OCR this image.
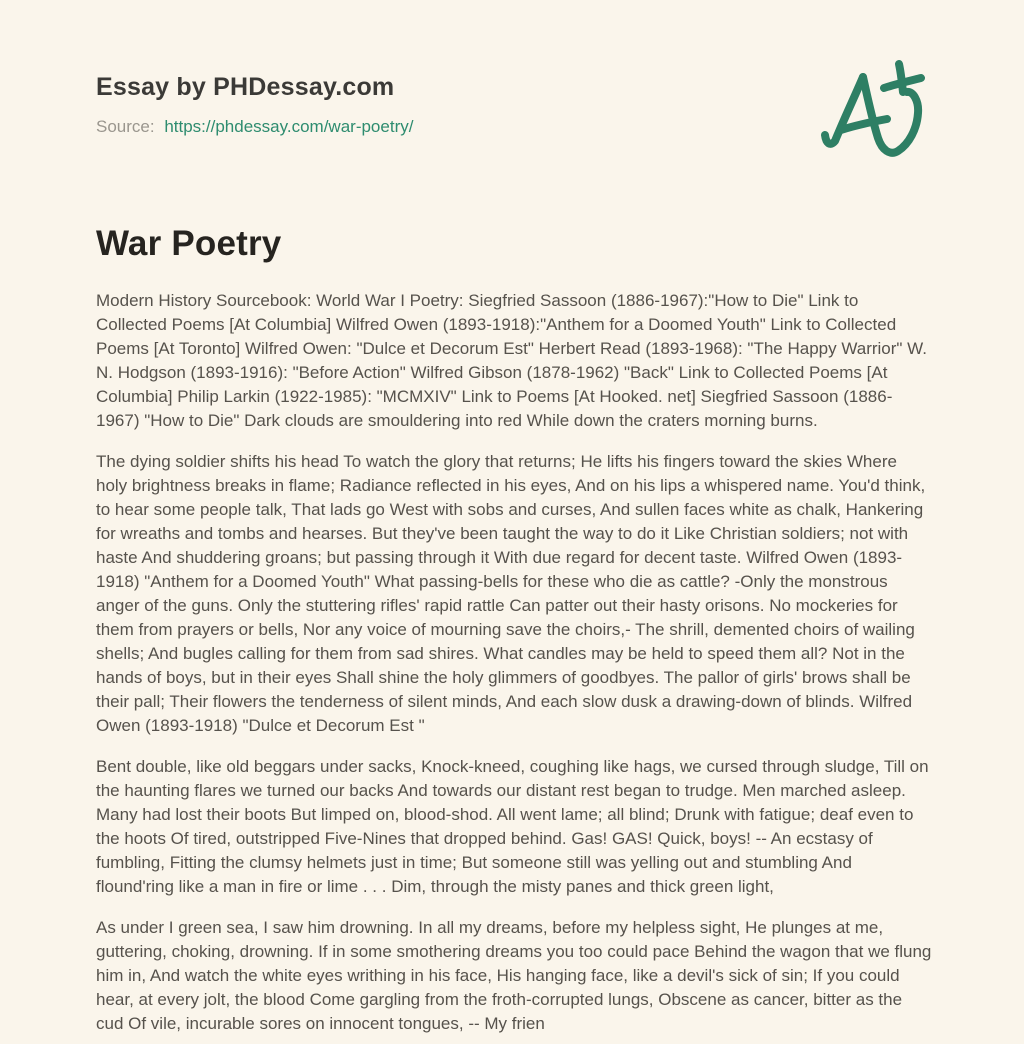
Essay by PHDessay.com
Source: https://phdessay.com/war-poetry/
War Poetry

Modern History Sourcebook: World War I Poetry: Siegfried Sassoon (1886-1967):"How to Die" Link to Collected Poems [At Columbia] Wilfred Owen (1893-1918):"Anthem for a Doomed Youth" Link to Collected Poems [At Toronto] Wilfred Owen: "Dulce et Decorum Est" Herbert Read (1893-1968): "The Happy Warrior" W. N. Hodgson (1893-1916): "Before Action" Wilfred Gibson (1878-1962) "Back" Link to Collected Poems [At Columbia] Philip Larkin (1922-1985): "MCMXIV" Link to Poems [At Hooked. net] Siegfried Sassoon (1886-1967) "How to Die" Dark clouds are smouldering into red While down the craters morning burns.

The dying soldier shifts his head To watch the glory that returns; He lifts his fingers toward the skies Where holy brightness breaks in flame; Radiance reflected in his eyes, And on his lips a whispered name. You'd think, to hear some people talk, That lads go West with sobs and curses, And sullen faces white as chalk, Hankering for wreaths and tombs and hearses. But they've been taught the way to do it Like Christian soldiers; not with haste And shuddering groans; but passing through it With due regard for decent taste. Wilfred Owen (1893-1918) "Anthem for a Doomed Youth" What passing-bells for these who die as cattle? -Only the monstrous anger of the guns. Only the stuttering rifles' rapid rattle Can patter out their hasty orisons. No mockeries for them from prayers or bells, Nor any voice of mourning save the choirs,- The shrill, demented choirs of wailing shells; And bugles calling for them from sad shires. What candles may be held to speed them all? Not in the hands of boys, but in their eyes Shall shine the holy glimmers of goodbyes. The pallor of girls' brows shall be their pall; Their flowers the tenderness of silent minds, And each slow dusk a drawing-down of blinds. Wilfred Owen (1893-1918) "Dulce et Decorum Est "

Bent double, like old beggars under sacks, Knock-kneed, coughing like hags, we cursed through sludge, Till on the haunting flares we turned our backs And towards our distant rest began to trudge. Men marched asleep. Many had lost their boots But limped on, blood-shod. All went lame; all blind; Drunk with fatigue; deaf even to the hoots Of tired, outstripped Five-Nines that dropped behind. Gas! GAS! Quick, boys! -- An ecstasy of fumbling, Fitting the clumsy helmets just in time; But someone still was yelling out and stumbling And flound'ring like a man in fire or lime . . . Dim, through the misty panes and thick green light,

As under I green sea, I saw him drowning. In all my dreams, before my helpless sight, He plunges at me, guttering, choking, drowning. If in some smothering dreams you too could pace Behind the wagon that we flung him in, And watch the white eyes writhing in his face, His hanging face, like a devil's sick of sin; If you could hear, at every jolt, the blood Come gargling from the froth-corrupted lungs, Obscene as cancer, bitter as the cud Of vile, incurable sores on innocent tongues, -- My frien
